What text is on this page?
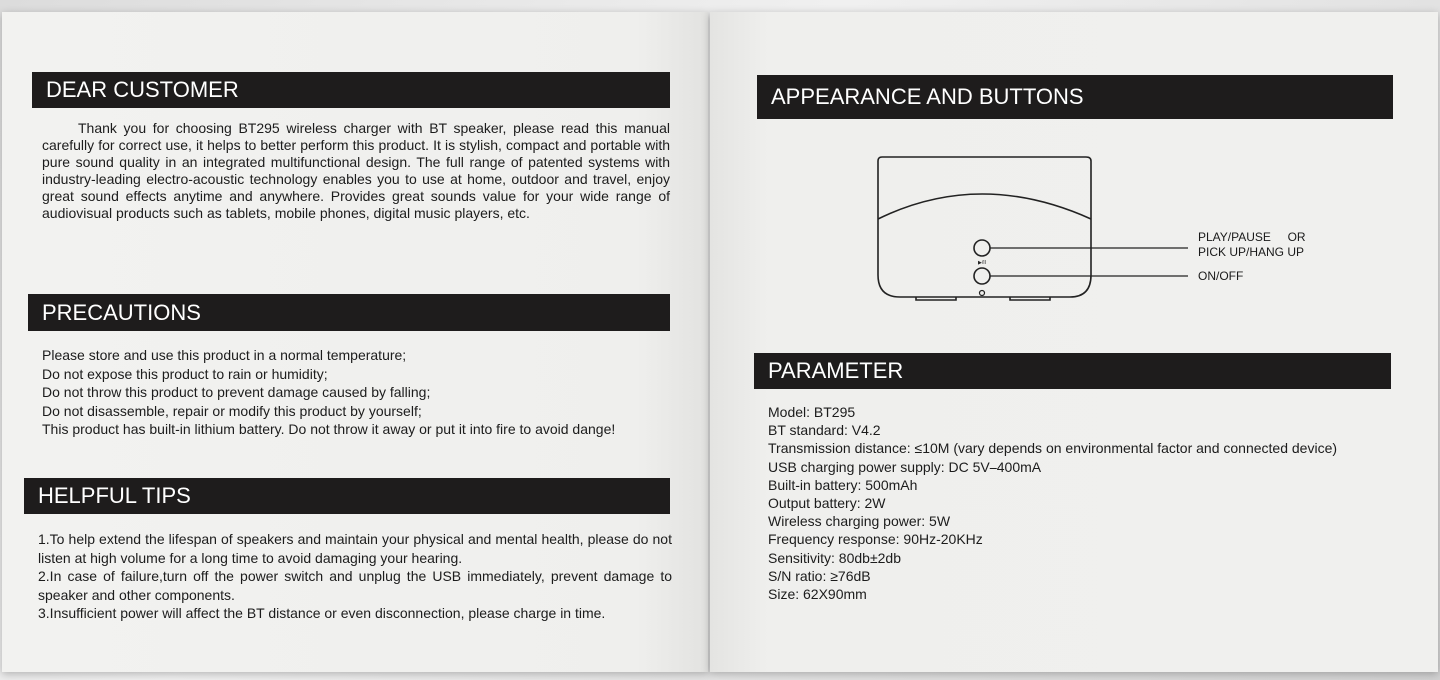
DEAR CUSTOMER

Thank you for choosing BT295 wireless charger with BT speaker, please read this manual carefully for correct use, it helps to better perform this product. It is stylish, compact and portable with pure sound quality in an integrated multifunctional design. The full range of patented systems with industry-leading electro-acoustic technology enables you to use at home, outdoor and travel, enjoy great sound effects anytime and anywhere. Provides great sounds value for your wide range of audiovisual products such as tablets, mobile phones, digital music players, etc.

PRECAUTIONS
Please store and use this product in a normal temperature;
Do not expose this product to rain or humidity;
Do not throw this product to prevent damage caused by falling;
Do not disassemble, repair or modify this product by yourself;
This product has built-in lithium battery. Do not throw it away or put it into fire to avoid dange!
HELPFUL TIPS

1.To help extend the lifespan of speakers and maintain your physical and mental health, please do not listen at high volume for a long time to avoid damaging your hearing.

2.In case of failure,turn off the power switch and unplug the USB immediately, prevent damage to speaker and other components.

3.Insufficient power will affect the BT distance or even disconnection, please charge in time.

APPEARANCE AND BUTTONS
▶/II
PLAY/PAUSE     OR
PICK UP/HANG UP
ON/OFF
PARAMETER
Model: BT295
BT standard: V4.2
Transmission distance: ≤10M (vary depends on environmental factor and connected device)
USB charging power supply: DC 5V⎯400mA
Built-in battery: 500mAh
Output battery: 2W
Wireless charging power: 5W
Frequency response: 90Hz-20KHz
Sensitivity: 80db±2db
S/N ratio: ≥76dB
Size: 62X90mm
